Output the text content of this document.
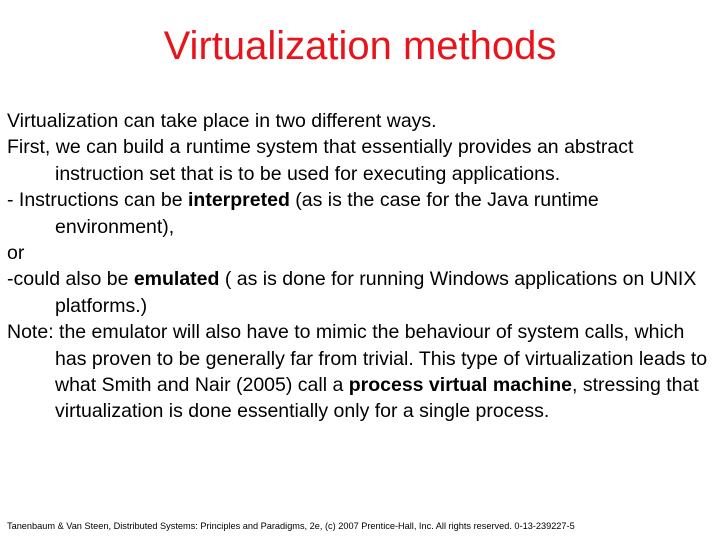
Virtualization methods

Virtualization can take place in two different ways.

First, we can build a runtime system that essentially provides an abstract instruction set that is to be used for executing applications.

- Instructions can be interpreted (as is the case for the Java runtime environment),

or

-could also be emulated ( as is done for running Windows applications on UNIX platforms.)

Note: the emulator will also have to mimic the behaviour of system calls, which has proven to be generally far from trivial. This type of virtualization leads to what Smith and Nair (2005) call a process virtual machine, stressing that virtualization is done essentially only for a single process.

Tanenbaum & Van Steen, Distributed Systems: Principles and Paradigms, 2e, (c) 2007 Prentice-Hall, Inc. All rights reserved. 0-13-239227-5
